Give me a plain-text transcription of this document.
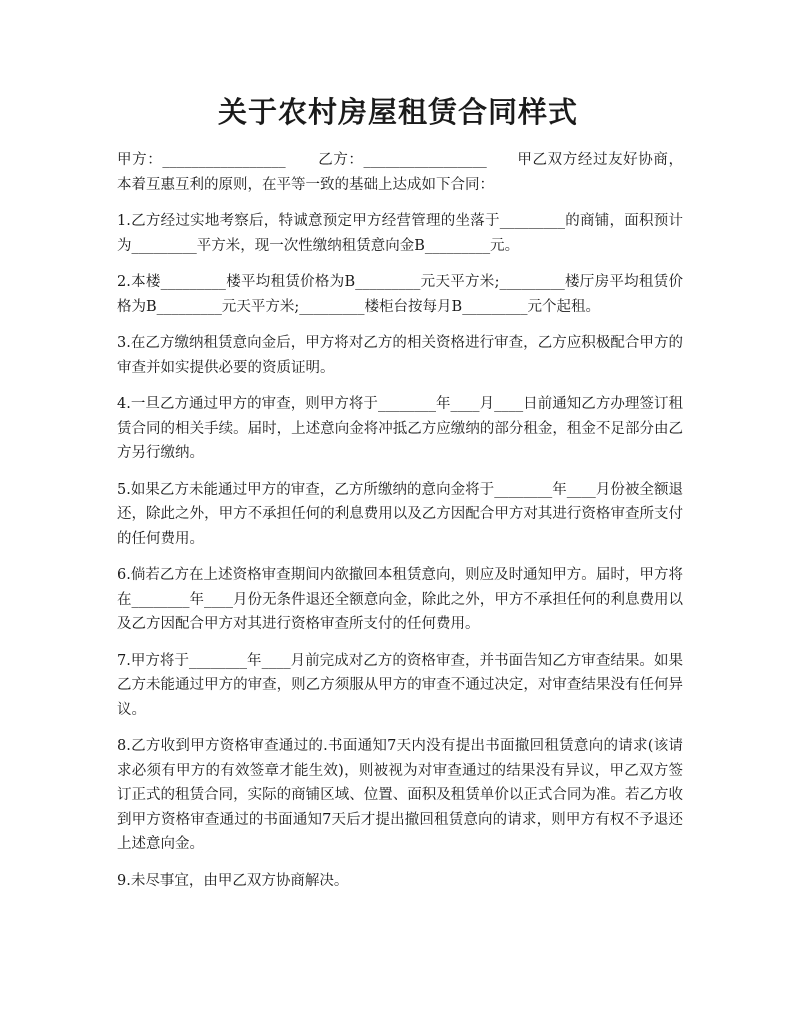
关于农村房屋租赁合同样式

甲方：_________________ 乙方：_________________ 甲乙双方经过友好协商，本着互惠互利的原则，在平等一致的基础上达成如下合同：

1.乙方经过实地考察后，特诚意预定甲方经营管理的坐落于_________的商铺，面积预计为_________平方米，现一次性缴纳租赁意向金B_________元。

2.本楼_________楼平均租赁价格为B_________元天平方米;_________楼厅房平均租赁价格为B_________元天平方米;_________楼柜台按每月B_________元个起租。

3.在乙方缴纳租赁意向金后，甲方将对乙方的相关资格进行审查，乙方应积极配合甲方的审查并如实提供必要的资质证明。

4.一旦乙方通过甲方的审查，则甲方将于________年____月____日前通知乙方办理签订租赁合同的相关手续。届时，上述意向金将冲抵乙方应缴纳的部分租金，租金不足部分由乙方另行缴纳。

5.如果乙方未能通过甲方的审查，乙方所缴纳的意向金将于________年____月份被全额退还，除此之外，甲方不承担任何的利息费用以及乙方因配合甲方对其进行资格审查所支付的任何费用。

6.倘若乙方在上述资格审查期间内欲撤回本租赁意向，则应及时通知甲方。届时，甲方将在________年____月份无条件退还全额意向金，除此之外，甲方不承担任何的利息费用以及乙方因配合甲方对其进行资格审查所支付的任何费用。

7.甲方将于________年____月前完成对乙方的资格审查，并书面告知乙方审查结果。如果乙方未能通过甲方的审查，则乙方须服从甲方的审查不通过决定，对审查结果没有任何异议。

8.乙方收到甲方资格审查通过的.书面通知7天内没有提出书面撤回租赁意向的请求(该请求必须有甲方的有效签章才能生效)，则被视为对审查通过的结果没有异议，甲乙双方签订正式的租赁合同，实际的商铺区域、位置、面积及租赁单价以正式合同为准。若乙方收到甲方资格审查通过的书面通知7天后才提出撤回租赁意向的请求，则甲方有权不予退还上述意向金。

9.未尽事宜，由甲乙双方协商解决。
